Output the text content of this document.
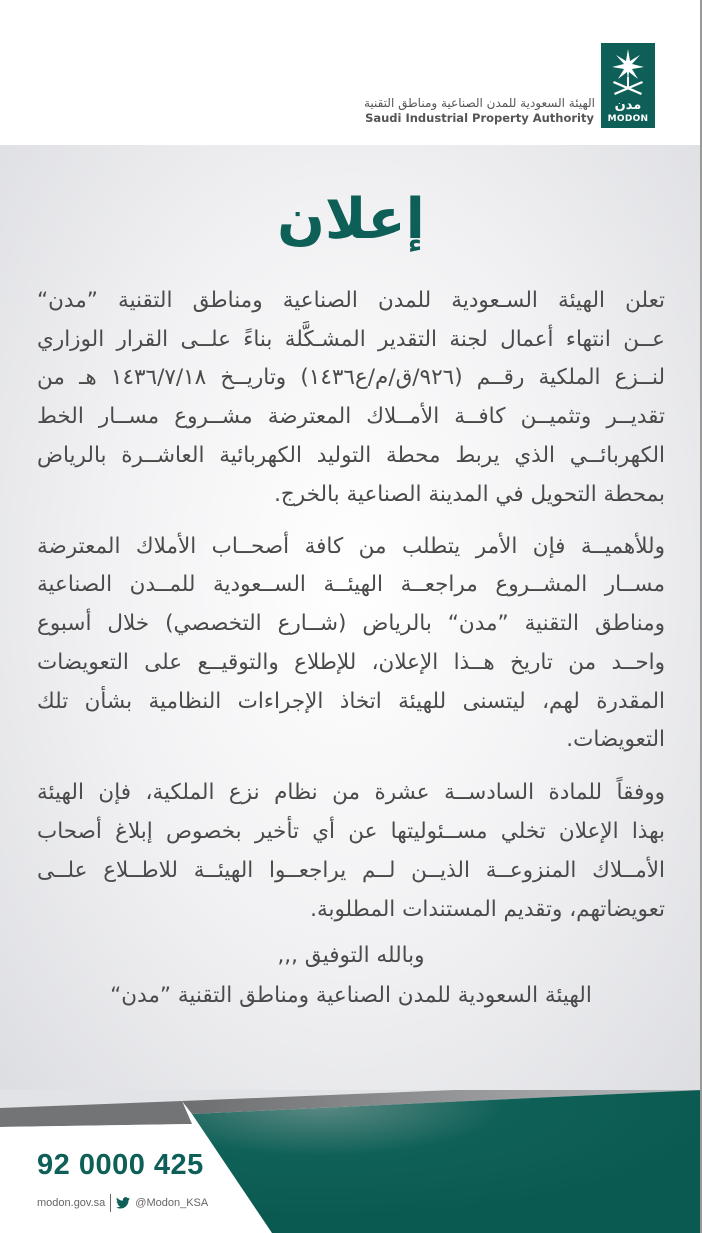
مدن
MODON
الهيئة السعودية للمدن الصناعية ومناطق التقنية
Saudi Industrial Property Authority
إعلان
تعلن الهيئة السـعودية للمدن الصناعية ومناطق التقنية ”مدن“
عــن انتهاء أعمال لجنة التقدير المشـكَّلة بناءً علــى القرار الوزاري
لنــزع الملكية رقــم (٩٢٦/ق/م/ع١٤٣٦) وتاريــخ ١٤٣٦/٧/١٨ هـ من
تقديــر وتثميــن كافــة الأمــلاك المعترضة مشــروع مســار الخط
الكهربائــي الذي يربط محطة التوليد الكهربائية العاشــرة بالرياض
بمحطة التحويل في المدينة الصناعية بالخرج.
وللأهميــة فإن الأمر يتطلب من كافة أصحــاب الأملاك المعترضة
مســار المشــروع مراجعــة الهيئــة الســعودية للمــدن الصناعية
ومناطق التقنية ”مدن“ بالرياض (شــارع التخصصي) خلال أسبوع
واحــد من تاريخ هــذا الإعلان، للإطلاع والتوقيــع على التعويضات
المقدرة لهم، ليتسنى للهيئة اتخاذ الإجراءات النظامية بشأن تلك
التعويضات.
ووفقاً للمادة السادســة عشرة من نظام نزع الملكية، فإن الهيئة
بهذا الإعلان تخلي مســئوليتها عن أي تأخير بخصوص إبلاغ أصحاب
الأمــلاك المنزوعــة الذيــن لــم يراجعــوا الهيئــة للاطــلاع علــى
تعويضاتهم، وتقديم المستندات المطلوبة.
وبالله التوفيق ,,,
الهيئة السعودية للمدن الصناعية ومناطق التقنية ”مدن“
92 0000 425
modon.gov.sa	@Modon_KSA
